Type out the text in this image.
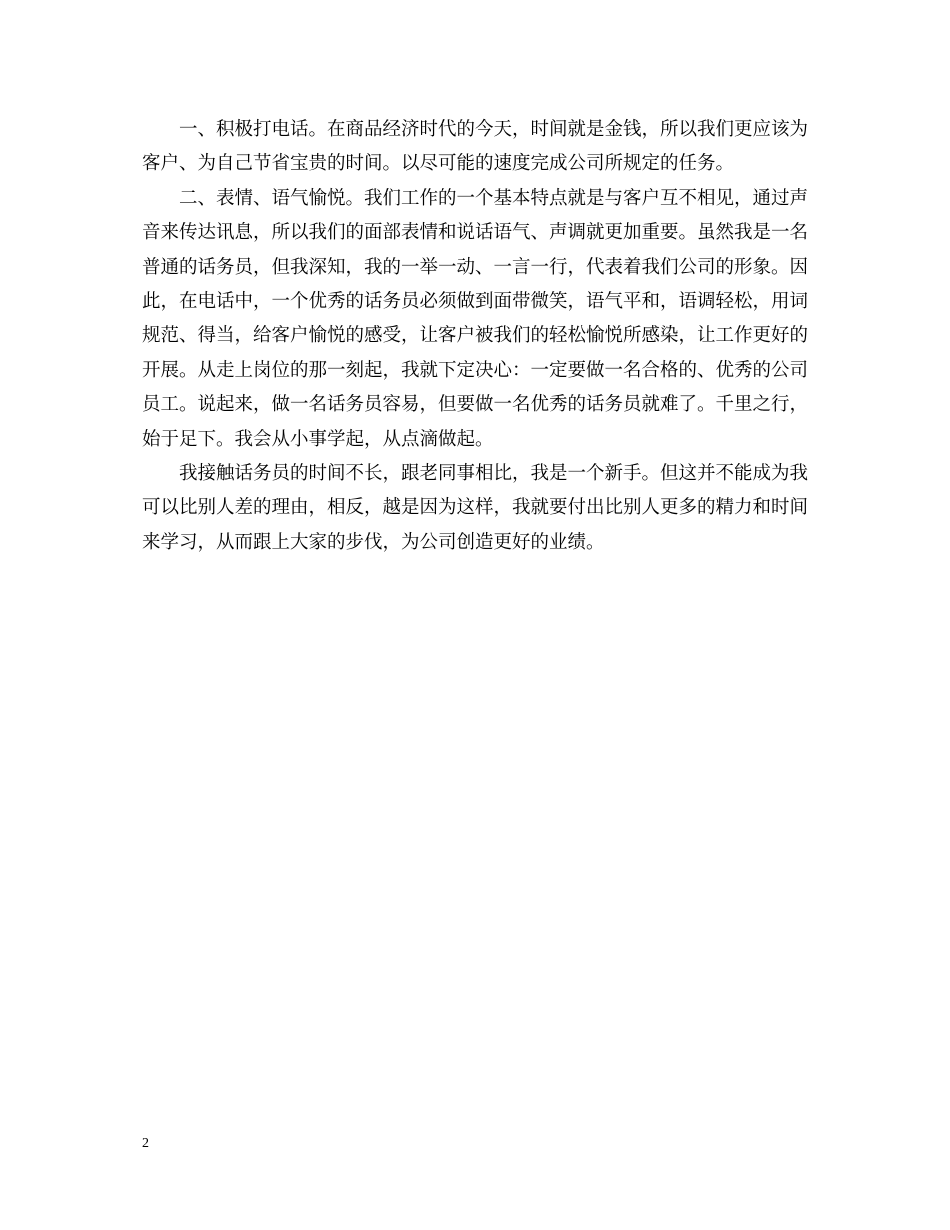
一、积极打电话。在商品经济时代的今天，时间就是金钱，所以我们更应该为客户、为自己节省宝贵的时间。以尽可能的速度完成公司所规定的任务。

二、表情、语气愉悦。我们工作的一个基本特点就是与客户互不相见，通过声音来传达讯息，所以我们的面部表情和说话语气、声调就更加重要。虽然我是一名普通的话务员，但我深知，我的一举一动、一言一行，代表着我们公司的形象。因此，在电话中，一个优秀的话务员必须做到面带微笑，语气平和，语调轻松，用词规范、得当，给客户愉悦的感受，让客户被我们的轻松愉悦所感染，让工作更好的开展。从走上岗位的那一刻起，我就下定决心：一定要做一名合格的、优秀的公司员工。说起来，做一名话务员容易，但要做一名优秀的话务员就难了。千里之行，始于足下。我会从小事学起，从点滴做起。

我接触话务员的时间不长，跟老同事相比，我是一个新手。但这并不能成为我可以比别人差的理由，相反，越是因为这样，我就要付出比别人更多的精力和时间来学习，从而跟上大家的步伐，为公司创造更好的业绩。

2
